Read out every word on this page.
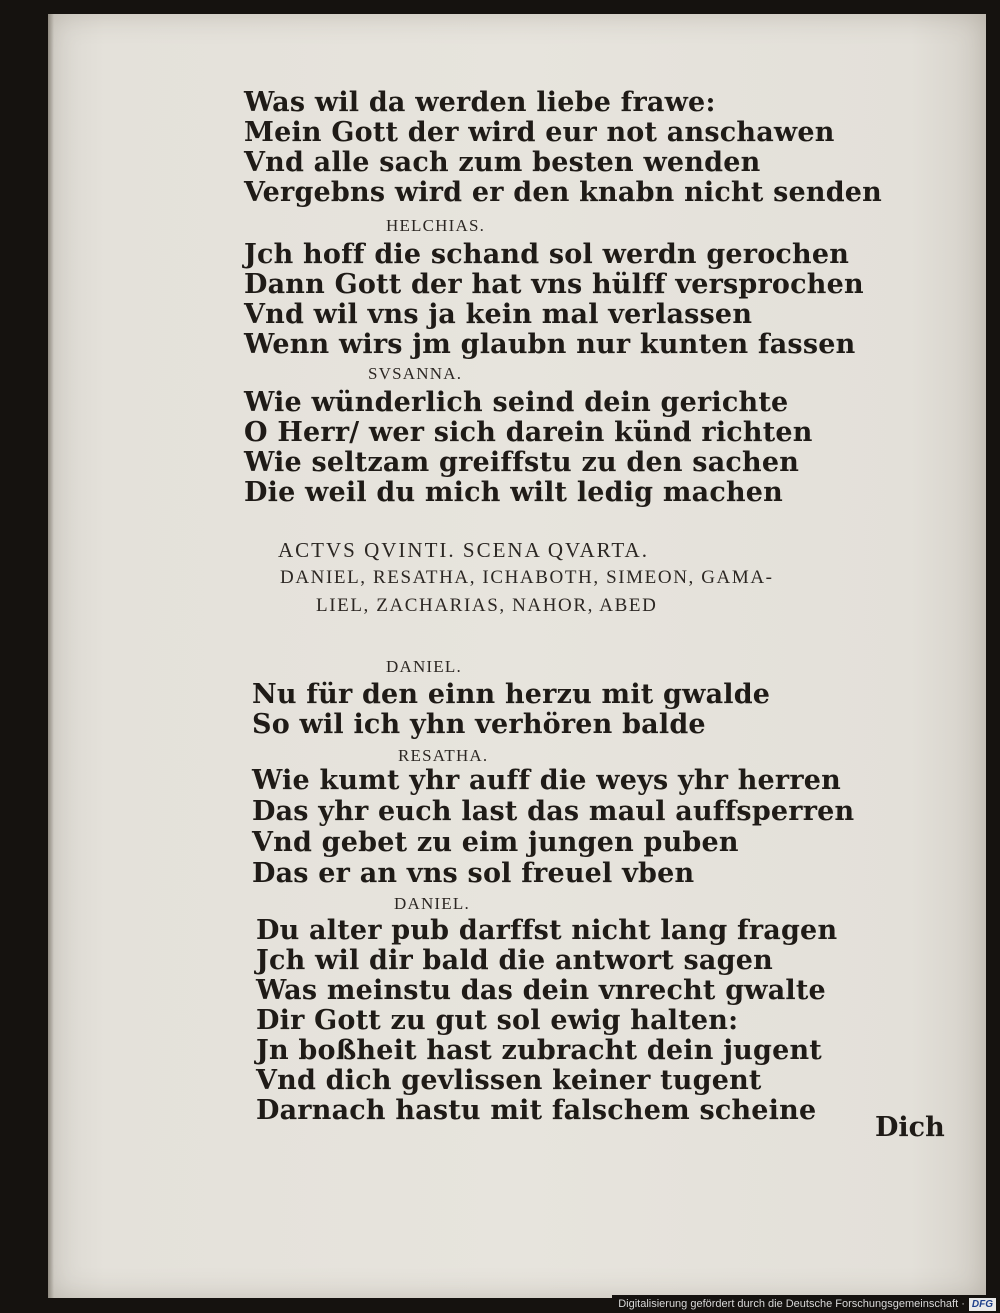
Was wil da werden liebe frawe:
Mein Gott der wird eur not anschawen
Vnd alle sach zum besten wenden
Vergebns wird er den knabn nicht senden
HELCHIAS.
Jch hoff die schand sol werdn gerochen
Dann Gott der hat vns hülff versprochen
Vnd wil vns ja kein mal verlassen
Wenn wirs jm glaubn nur kunten fassen
SVSANNA.
Wie wünderlich seind dein gerichte
O Herr/ wer sich darein künd richten
Wie seltzam greiffstu zu den sachen
Die weil du mich wilt ledig machen
ACTVS QVINTI. SCENA QVARTA.
DANIEL, RESATHA, ICHABOTH, SIMEON, GAMA-
LIEL, ZACHARIAS, NAHOR, ABED
DANIEL.
Nu für den einn herzu mit gwalde
So wil ich yhn verhören balde
RESATHA.
Wie kumt yhr auff die weys yhr herren
Das yhr euch last das maul auffsperren
Vnd gebet zu eim jungen puben
Das er an vns sol freuel vben
DANIEL.
Du alter pub darffst nicht lang fragen
Jch wil dir bald die antwort sagen
Was meinstu das dein vnrecht gwalte
Dir Gott zu gut sol ewig halten:
Jn boßheit hast zubracht dein jugent
Vnd dich gevlissen keiner tugent
Darnach hastu mit falschem scheine
Dich
Digitalisierung gefördert durch die Deutsche Forschungsgemeinschaft · DFG
